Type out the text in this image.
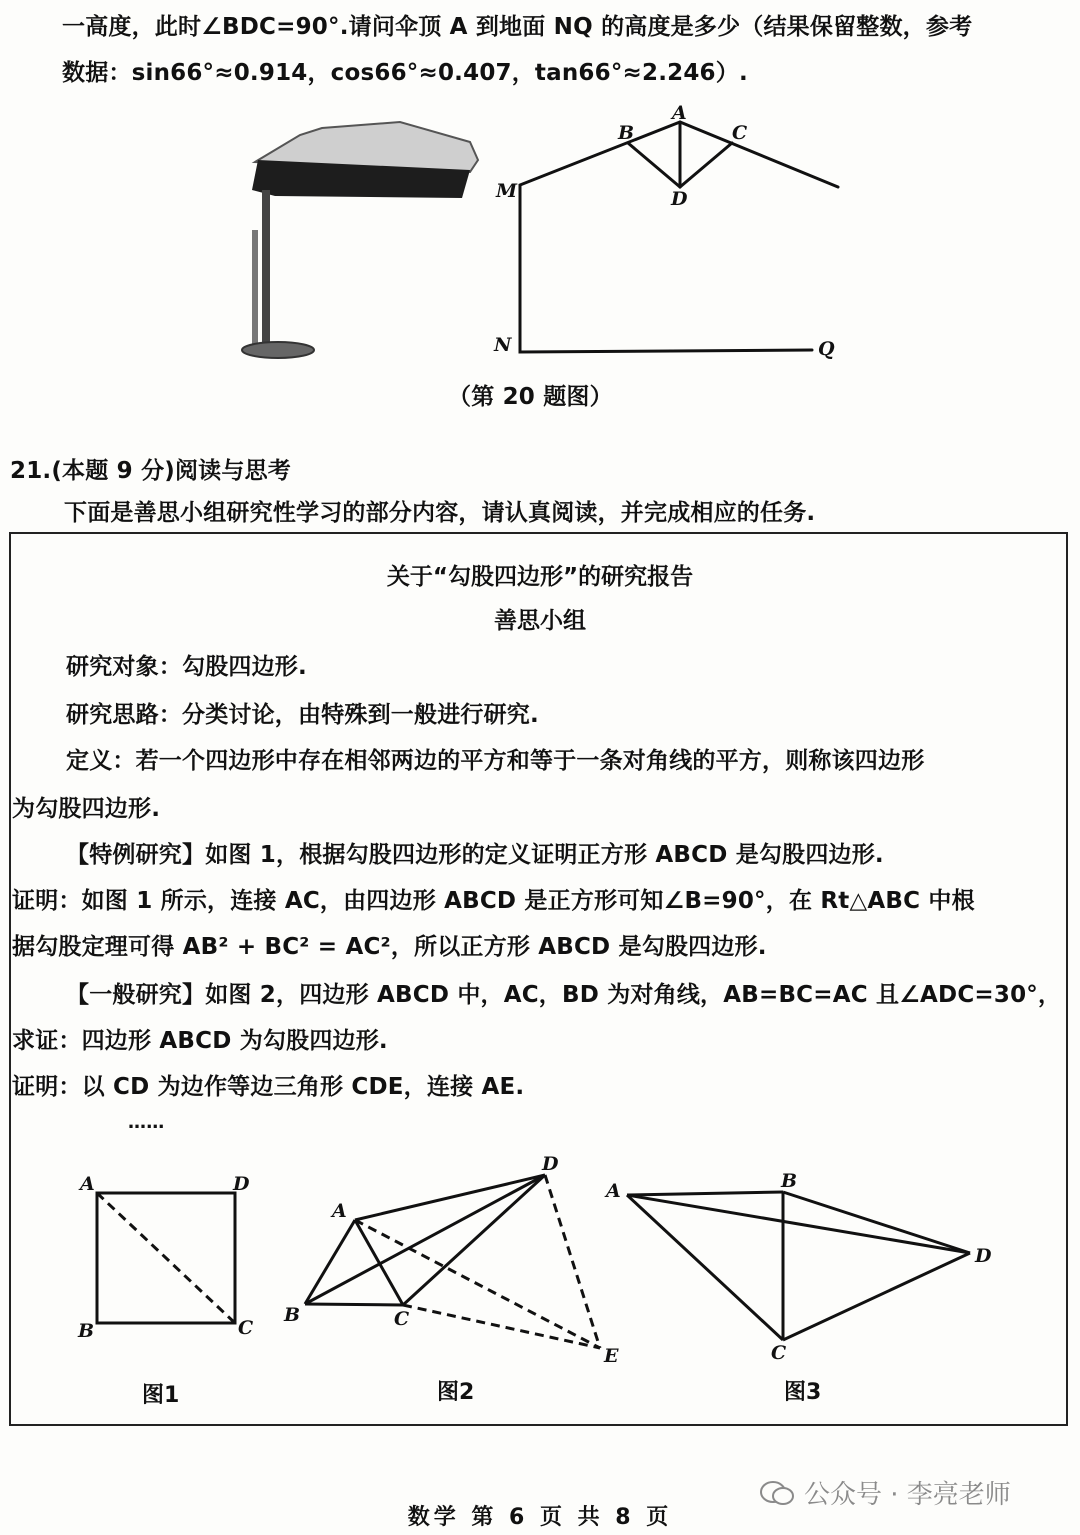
一高度，此时∠BDC=90°.请问伞顶 A 到地面 NQ 的高度是多少（结果保留整数，参考
数据：sin66°≈0.914，cos66°≈0.407，tan66°≈2.246）.
A
B	C
D
M
N	Q
（第 20 题图）
21.(本题 9 分)阅读与思考
下面是善思小组研究性学习的部分内容，请认真阅读，并完成相应的任务.
关于“勾股四边形”的研究报告
善思小组
研究对象：勾股四边形.
研究思路：分类讨论，由特殊到一般进行研究.
定义：若一个四边形中存在相邻两边的平方和等于一条对角线的平方，则称该四边形
为勾股四边形.
【特例研究】如图 1，根据勾股四边形的定义证明正方形 ABCD 是勾股四边形.
证明：如图 1 所示，连接 AC，由四边形 ABCD 是正方形可知∠B=90°，在 Rt△ABC 中根
据勾股定理可得 AB² + BC² = AC²，所以正方形 ABCD 是勾股四边形.
【一般研究】如图 2，四边形 ABCD 中，AC，BD 为对角线，AB=BC=AC 且∠ADC=30°，
求证：四边形 ABCD 为勾股四边形.
证明：以 CD 为边作等边三角形 CDE，连接 AE.
……
A	D
B	C
A
D
B	C
E
A	B
D
C
图1	图2	图3
公众号 · 李亮老师
数学 第 6 页 共 8 页
